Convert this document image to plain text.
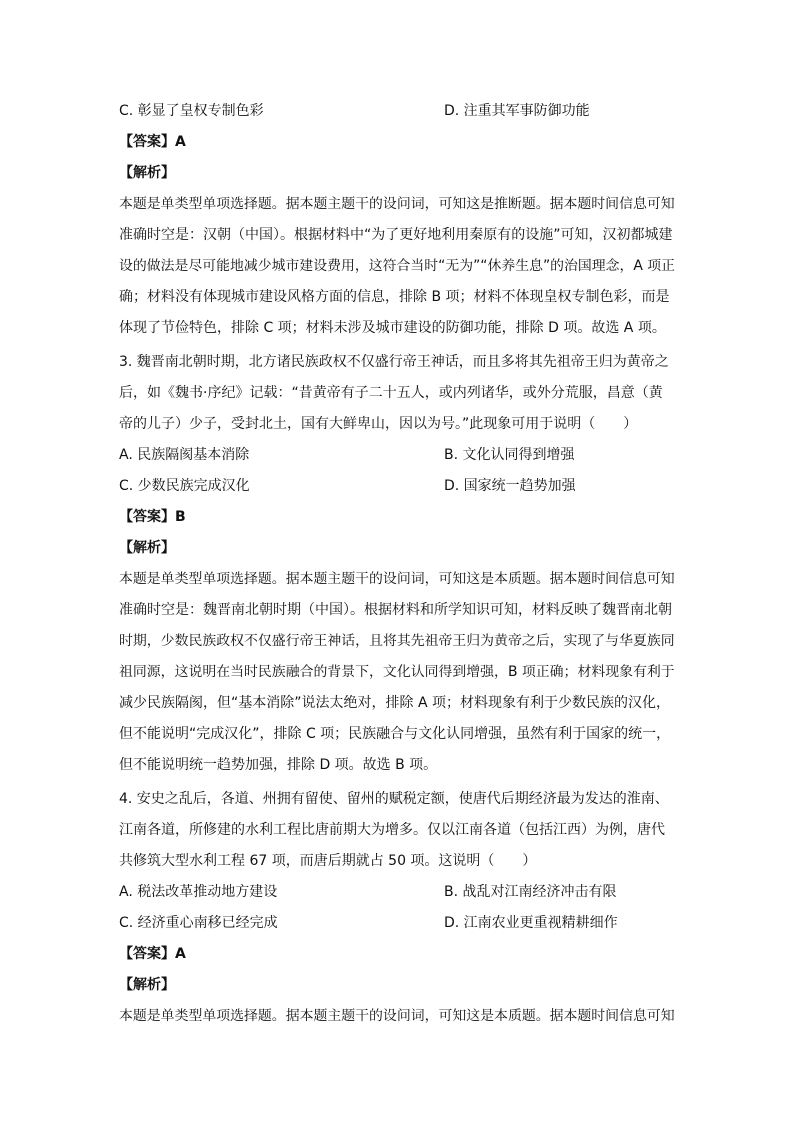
C. 彰显了皇权专制色彩	D. 注重其军事防御功能
【答案】A
【解析】
本题是单类型单项选择题。据本题主题干的设问词，可知这是推断题。据本题时间信息可知
准确时空是：汉朝（中国）。根据材料中“为了更好地利用秦原有的设施”可知，汉初都城建
设的做法是尽可能地减少城市建设费用，这符合当时“无为”“休养生息”的治国理念，A 项正
确；材料没有体现城市建设风格方面的信息，排除 B 项；材料不体现皇权专制色彩，而是
体现了节俭特色，排除 C 项；材料未涉及城市建设的防御功能，排除 D 项。故选 A 项。
3. 魏晋南北朝时期，北方诸民族政权不仅盛行帝王神话，而且多将其先祖帝王归为黄帝之
后，如《魏书·序纪》记载：“昔黄帝有子二十五人，或内列诸华，或外分荒服，昌意（黄
帝的儿子）少子，受封北土，国有大鲜卑山，因以为号。”此现象可用于说明（　　）
A. 民族隔阂基本消除	B. 文化认同得到增强
C. 少数民族完成汉化	D. 国家统一趋势加强
【答案】B
【解析】
本题是单类型单项选择题。据本题主题干的设问词，可知这是本质题。据本题时间信息可知
准确时空是：魏晋南北朝时期（中国）。根据材料和所学知识可知，材料反映了魏晋南北朝
时期，少数民族政权不仅盛行帝王神话，且将其先祖帝王归为黄帝之后，实现了与华夏族同
祖同源，这说明在当时民族融合的背景下，文化认同得到增强，B 项正确；材料现象有利于
减少民族隔阂，但“基本消除”说法太绝对，排除 A 项；材料现象有利于少数民族的汉化，
但不能说明“完成汉化”，排除 C 项；民族融合与文化认同增强，虽然有利于国家的统一，
但不能说明统一趋势加强，排除 D 项。故选 B 项。
4. 安史之乱后，各道、州拥有留使、留州的赋税定额，使唐代后期经济最为发达的淮南、
江南各道，所修建的水利工程比唐前期大为增多。仅以江南各道（包括江西）为例，唐代
共修筑大型水利工程 67 项，而唐后期就占 50 项。这说明（　　）
A. 税法改革推动地方建设	B. 战乱对江南经济冲击有限
C. 经济重心南移已经完成	D. 江南农业更重视精耕细作
【答案】A
【解析】
本题是单类型单项选择题。据本题主题干的设问词，可知这是本质题。据本题时间信息可知
